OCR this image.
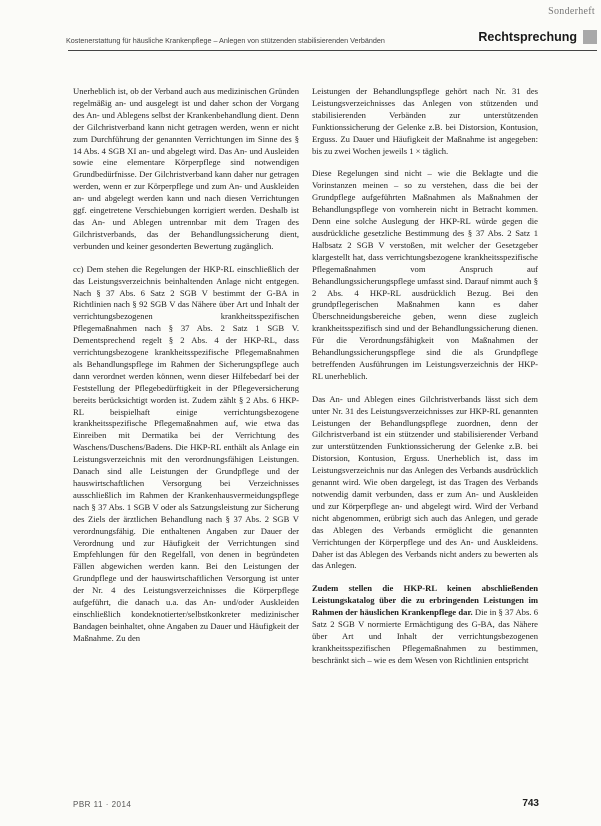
Sonderheft
Kostenerstattung für häusliche Krankenpflege – Anlegen von stützenden stabilisierenden Verbänden	Rechtsprechung

Unerheblich ist, ob der Verband auch aus medizinischen Gründen regelmäßig an- und ausgelegt ist und daher schon der Vorgang des An- und Ablegens selbst der Krankenbehandlung dient. Denn der Gilchristverband kann nicht getragen werden, wenn er nicht zum Durchführung der genannten Verrichtungen im Sinne des § 14 Abs. 4 SGB XI an- und abgelegt wird. Das An- und Ausleiden sowie eine elementare Körperpflege sind notwendigen Grundbedürfnisse. Der Gilchristverband kann daher nur getragen werden, wenn er zur Körperpflege und zum An- und Auskleiden an- und abgelegt werden kann und nach diesen Verrichtungen ggf. eingetretene Verschiebungen korrigiert werden. Deshalb ist das An- und Ablegen untrennbar mit dem Tragen des Gilchristverbands, das der Behandlungssicherung dient, verbunden und keiner gesonderten Bewertung zugänglich.

cc) Dem stehen die Regelungen der HKP-RL einschließlich der das Leistungsverzeichnis beinhaltenden Anlage nicht entgegen. Nach § 37 Abs. 6 Satz 2 SGB V bestimmt der G-BA in Richtlinien nach § 92 SGB V das Nähere über Art und Inhalt der verrichtungsbezogenen krankheitsspezifischen Pflegemaßnahmen nach § 37 Abs. 2 Satz 1 SGB V. Dementsprechend regelt § 2 Abs. 4 der HKP-RL, dass verrichtungsbezogene krankheitsspezifische Pflegemaßnahmen als Behandlungspflege im Rahmen der Sicherungspflege auch dann verordnet werden können, wenn dieser Hilfebedarf bei der Feststellung der Pflegebedürftigkeit in der Pflegeversicherung bereits berücksichtigt worden ist. Zudem zählt § 2 Abs. 6 HKP-RL beispielhaft einige verrichtungsbezogene krankheitsspezifische Pflegemaßnahmen auf, wie etwa das Einreiben mit Dermatika bei der Verrichtung des Waschens/Duschens/Badens. Die HKP-RL enthält als Anlage ein Leistungsverzeichnis mit den verordnungsfähigen Leistungen. Danach sind alle Leistungen der Grundpflege und der hauswirtschaftlichen Versorgung bei Verzeichnisses ausschließlich im Rahmen der Krankenhausvermeidungspflege nach § 37 Abs. 1 SGB V oder als Satzungsleistung zur Sicherung des Ziels der ärztlichen Behandlung nach § 37 Abs. 2 SGB V verordnungsfähig. Die enthaltenen Angaben zur Dauer der Verordnung und zur Häufigkeit der Verrichtungen sind Empfehlungen für den Regelfall, von denen in begründeten Fällen abgewichen werden kann. Bei den Leistungen der Grundpflege und der hauswirtschaftlichen Versorgung ist unter der Nr. 4 des Leistungsverzeichnisses die Körperpflege aufgeführt, die danach u.a. das An- und/oder Auskleiden einschließlich kondeknotierter/selbstkonkreter medizinischer Bandagen beinhaltet, ohne Angaben zu Dauer und Häufigkeit der Maßnahme. Zu den

Leistungen der Behandlungspflege gehört nach Nr. 31 des Leistungsverzeichnisses das Anlegen von stützenden und stabilisierenden Verbänden zur unterstützenden Funktionssicherung der Gelenke z.B. bei Distorsion, Kontusion, Erguss. Zu Dauer und Häufigkeit der Maßnahme ist angegeben: bis zu zwei Wochen jeweils 1 × täglich.

Diese Regelungen sind nicht – wie die Beklagte und die Vorinstanzen meinen – so zu verstehen, dass die bei der Grundpflege aufgeführten Maßnahmen als Maßnahmen der Behandlungspflege von vornherein nicht in Betracht kommen. Denn eine solche Auslegung der HKP-RL würde gegen die ausdrückliche gesetzliche Bestimmung des § 37 Abs. 2 Satz 1 Halbsatz 2 SGB V verstoßen, mit welcher der Gesetzgeber klargestellt hat, dass verrichtungsbezogene krankheitsspezifische Pflegemaßnahmen vom Anspruch auf Behandlungssicherungspflege umfasst sind. Darauf nimmt auch § 2 Abs. 4 HKP-RL ausdrücklich Bezug. Bei den grundpflegerischen Maßnahmen kann es daher Überschneidungsbereiche geben, wenn diese zugleich krankheitsspezifisch sind und der Behandlungssicherung dienen. Für die Verordnungsfähigkeit von Maßnahmen der Behandlungssicherungspflege sind die als Grundpflege betreffenden Ausführungen im Leistungsverzeichnis der HKP-RL unerheblich.

Das An- und Ablegen eines Gilchristverbands lässt sich dem unter Nr. 31 des Leistungsverzeichnisses zur HKP-RL genannten Leistungen der Behandlungspflege zuordnen, denn der Gilchristverband ist ein stützender und stabilisierender Verband zur unterstützenden Funktionssicherung der Gelenke z.B. bei Distorsion, Kontusion, Erguss. Unerheblich ist, dass im Leistungsverzeichnis nur das Anlegen des Verbands ausdrücklich genannt wird. Wie oben dargelegt, ist das Tragen des Verbands notwendig damit verbunden, dass er zum An- und Auskleiden und zur Körperpflege an- und abgelegt wird. Wird der Verband nicht abgenommen, erübrigt sich auch das Anlegen, und gerade das Ablegen des Verbands ermöglicht die genannten Verrichtungen der Körperpflege und des An- und Auskleidens. Daher ist das Ablegen des Verbands nicht anders zu bewerten als das Anlegen.

Zudem stellen die HKP-RL keinen abschließenden Leistungskatalog über die zu erbringenden Leistungen im Rahmen der häuslichen Krankenpflege dar. Die in § 37 Abs. 6 Satz 2 SGB V normierte Ermächtigung des G-BA, das Nähere über Art und Inhalt der verrichtungsbezogenen krankheitsspezifischen Pflegemaßnahmen zu bestimmen, beschränkt sich – wie es dem Wesen von Richtlinien entspricht

PBR 11 · 2014	743
